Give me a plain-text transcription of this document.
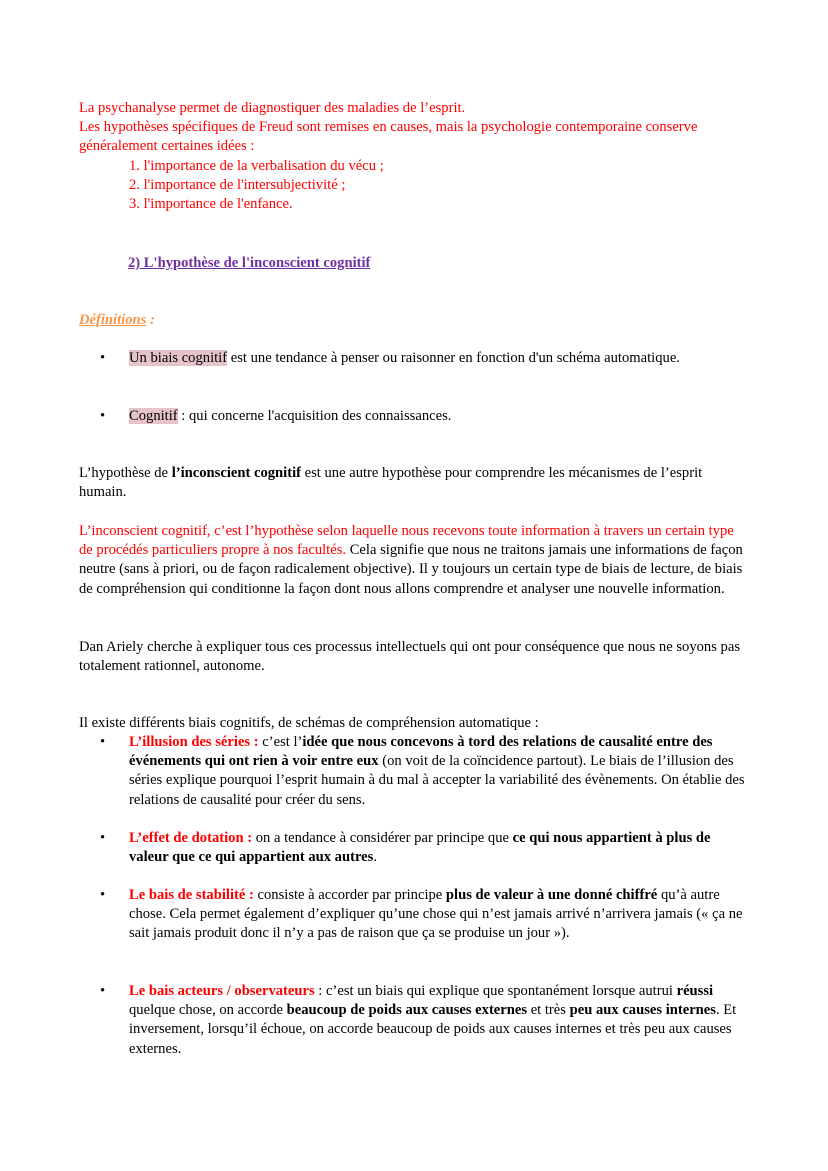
La psychanalyse permet de diagnostiquer des maladies de l’esprit.

Les hypothèses spécifiques de Freud sont remises en causes, mais la psychologie contemporaine conserve généralement certaines idées :

1. l'importance de la verbalisation du vécu ;
2. l'importance de l'intersubjectivité ;
3. l'importance de l'enfance.
2) L'hypothèse de l'inconscient cognitif
Définitions :
• Un biais cognitif est une tendance à penser ou raisonner en fonction d'un schéma automatique.

• Cognitif : qui concerne l'acquisition des connaissances.

L’hypothèse de l’inconscient cognitif est une autre hypothèse pour comprendre les mécanismes de l’esprit humain.

L’inconscient cognitif, c’est l’hypothèse selon laquelle nous recevons toute information à travers un certain type de procédés particuliers propre à nos facultés. Cela signifie que nous ne traitons jamais une informations de façon neutre (sans à priori, ou de façon radicalement objective). Il y toujours un certain type de biais de lecture, de biais de compréhension qui conditionne la façon dont nous allons comprendre et analyser une nouvelle information.

Dan Ariely cherche à expliquer tous ces processus intellectuels qui ont pour conséquence que nous ne soyons pas totalement rationnel, autonome.

Il existe différents biais cognitifs, de schémas de compréhension automatique :

• L’illusion des séries : c’est l’idée que nous concevons à tord des relations de causalité entre des événements qui ont rien à voir entre eux (on voit de la coïncidence partout). Le biais de l’illusion des séries explique pourquoi l’esprit humain à du mal à accepter la variabilité des évènements. On établie des relations de causalité pour créer du sens.

• L’effet de dotation : on a tendance à considérer par principe que ce qui nous appartient à plus de valeur que ce qui appartient aux autres.

• Le bais de stabilité : consiste à accorder par principe plus de valeur à une donné chiffré qu’à autre chose. Cela permet également d’expliquer qu’une chose qui n’est jamais arrivé n’arrivera jamais (« ça ne sait jamais produit donc il n’y a pas de raison que ça se produise un jour »).

• Le bais acteurs / observateurs : c’est un biais qui explique que spontanément lorsque autrui réussi quelque chose, on accorde beaucoup de poids aux causes externes et très peu aux causes internes. Et inversement, lorsqu’il échoue, on accorde beaucoup de poids aux causes internes et très peu aux causes externes.
